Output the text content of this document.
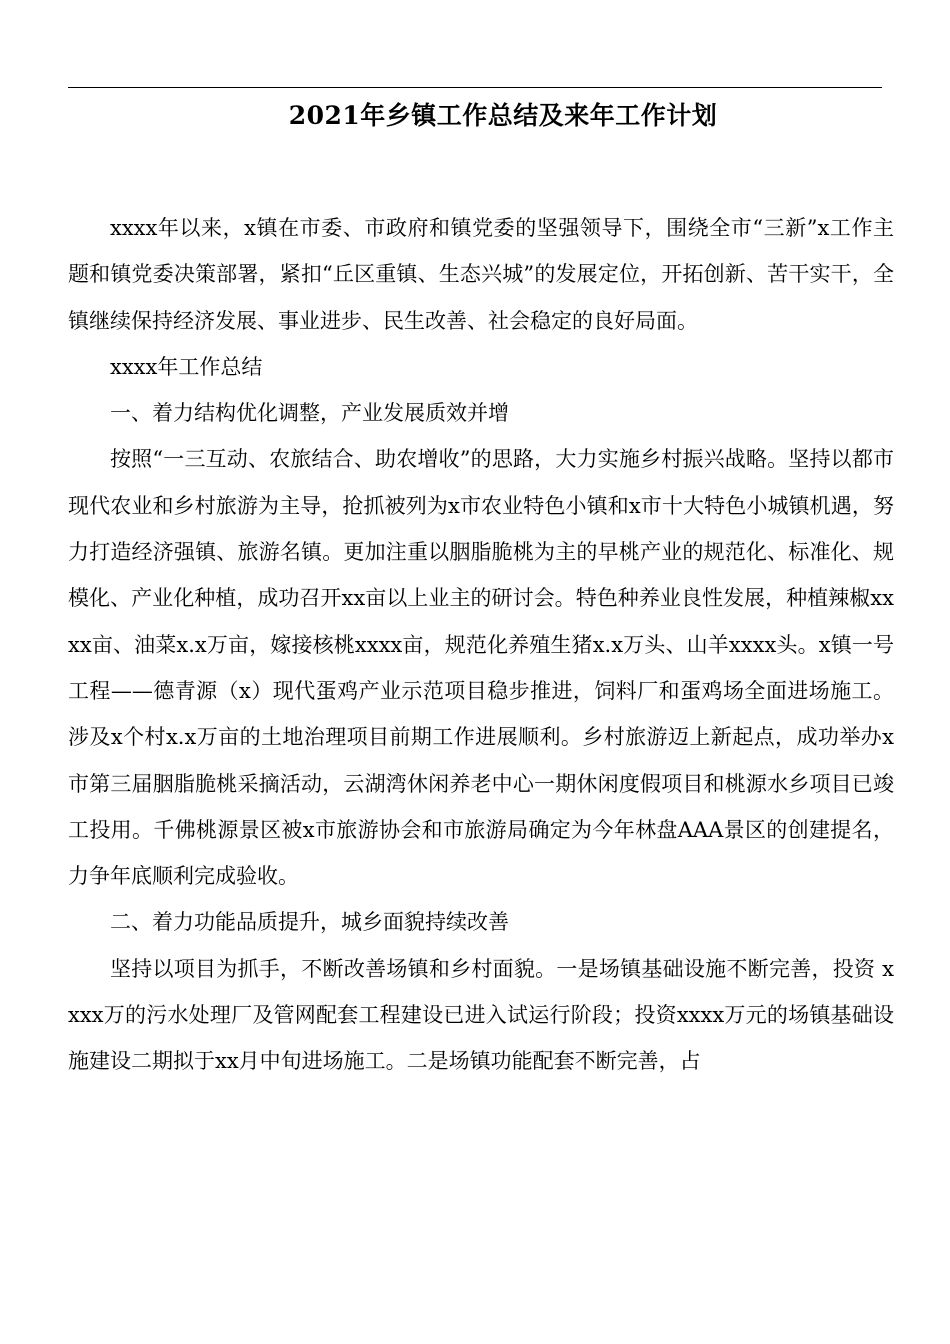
2021年乡镇工作总结及来年工作计划

xxxx年以来，x镇在市委、市政府和镇党委的坚强领导下，围绕全市“三新”x工作主题和镇党委决策部署，紧扣“丘区重镇、生态兴城”的发展定位，开拓创新、苦干实干，全镇继续保持经济发展、事业进步、民生改善、社会稳定的良好局面。

xxxx年工作总结

一、着力结构优化调整，产业发展质效并增

按照“一三互动、农旅结合、助农增收”的思路，大力实施乡村振兴战略。坚持以都市现代农业和乡村旅游为主导，抢抓被列为x市农业特色小镇和x市十大特色小城镇机遇，努力打造经济强镇、旅游名镇。更加注重以胭脂脆桃为主的早桃产业的规范化、标准化、规模化、产业化种植，成功召开xx亩以上业主的研讨会。特色种养业良性发展，种植辣椒xxxx亩、油菜x.x万亩，嫁接核桃xxxx亩，规范化养殖生猪x.x万头、山羊xxxx头。x镇一号工程——德青源（x）现代蛋鸡产业示范项目稳步推进，饲料厂和蛋鸡场全面进场施工。涉及x个村x.x万亩的土地治理项目前期工作进展顺利。乡村旅游迈上新起点，成功举办x市第三届胭脂脆桃采摘活动，云湖湾休闲养老中心一期休闲度假项目和桃源水乡项目已竣工投用。千佛桃源景区被x市旅游协会和市旅游局确定为今年林盘AAA景区的创建提名，力争年底顺利完成验收。

二、着力功能品质提升，城乡面貌持续改善

坚持以项目为抓手，不断改善场镇和乡村面貌。一是场镇基础设施不断完善，投资 xxxx万的污水处理厂及管网配套工程建设已进入试运行阶段；投资xxxx万元的场镇基础设施建设二期拟于xx月中旬进场施工。二是场镇功能配套不断完善，占
